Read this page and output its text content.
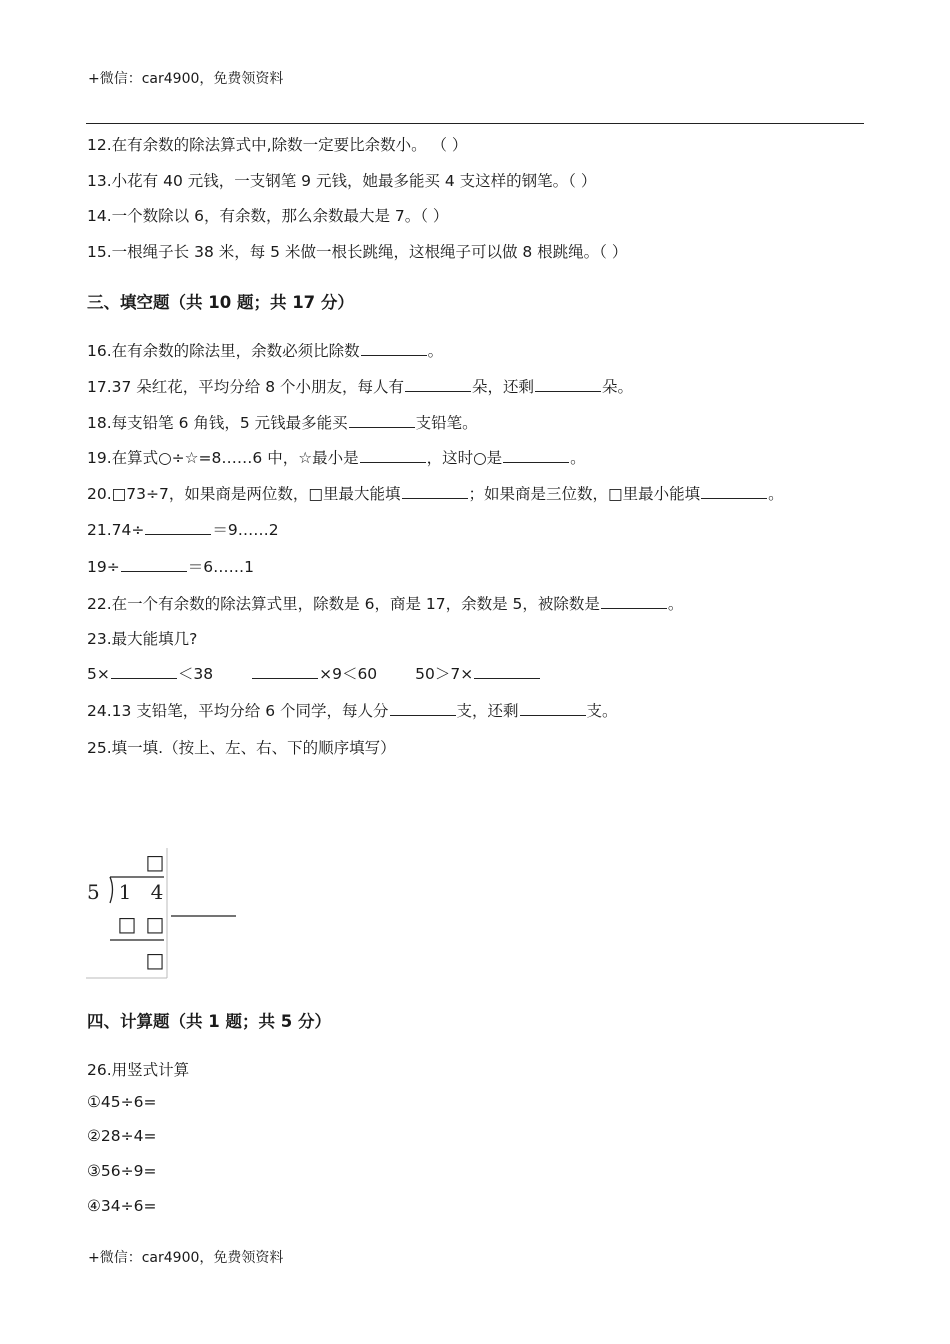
+微信：car4900，免费领资料
12.在有余数的除法算式中,除数一定要比余数小。 （ ）
13.小花有 40 元钱，一支钢笔 9 元钱，她最多能买 4 支这样的钢笔。（ ）
14.一个数除以 6，有余数，那么余数最大是 7。（ ）
15.一根绳子长 38 米，每 5 米做一根长跳绳，这根绳子可以做 8 根跳绳。（ ）
三、填空题（共 10 题；共 17 分）
16.在有余数的除法里，余数必须比除数	。
17.37 朵红花，平均分给 8 个小朋友，每人有	朵，还剩	朵。
18.每支铅笔 6 角钱，5 元钱最多能买	支铅笔。
19.在算式○÷☆=8……6 中，☆最小是	，这时○是	。
20.□73÷7，如果商是两位数，□里最大能填	；如果商是三位数，□里最小能填	。
21.74÷	＝9……2
19÷	＝6……1
22.在一个有余数的除法算式里，除数是 6，商是 17，余数是 5，被除数是	。
23.最大能填几?
5×	＜38	×9＜60 50＞7×
24.13 支铅笔，平均分给 6 个同学，每人分	支，还剩	支。
25.填一填.（按上、左、右、下的顺序填写）
□
5 1 4
□ □
□
四、计算题（共 1 题；共 5 分）
26.用竖式计算
①45÷6=
②28÷4=
③56÷9=
④34÷6=
+微信：car4900，免费领资料
